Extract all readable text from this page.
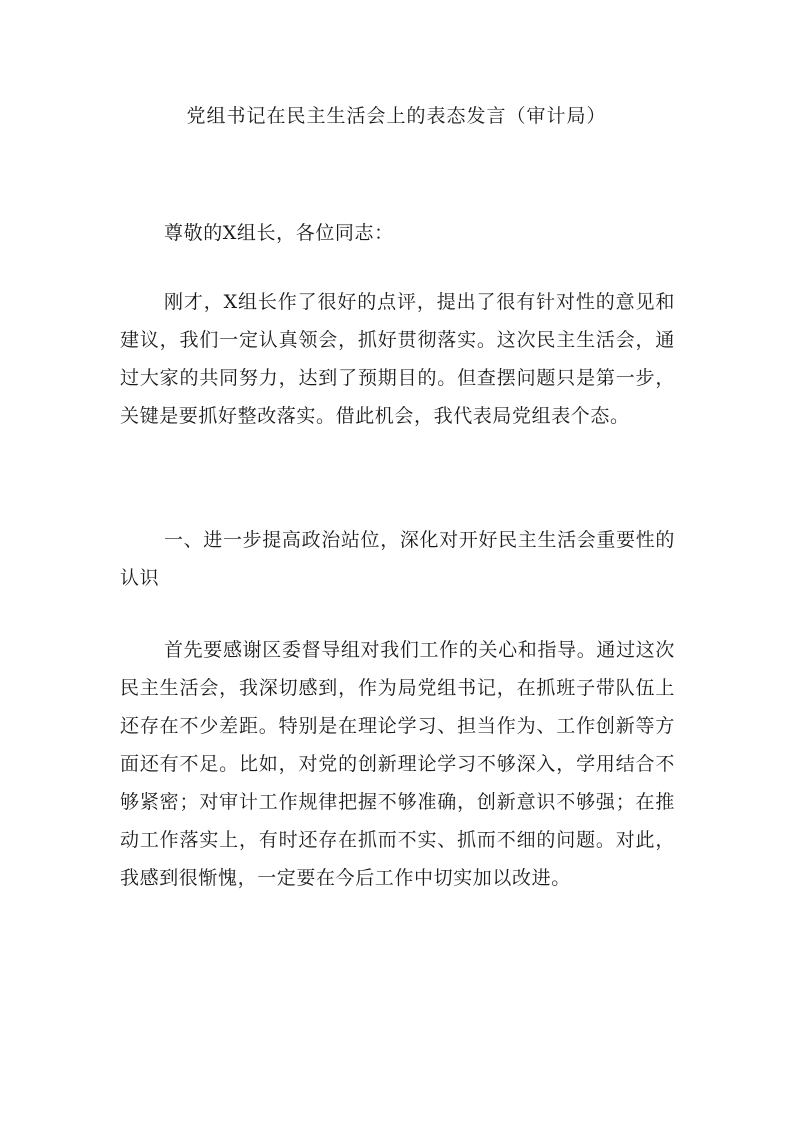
党组书记在民主生活会上的表态发言（审计局）

尊敬的X组长，各位同志：

刚才，X组长作了很好的点评，提出了很有针对性的意见和建议，我们一定认真领会，抓好贯彻落实。这次民主生活会，通过大家的共同努力，达到了预期目的。但查摆问题只是第一步，关键是要抓好整改落实。借此机会，我代表局党组表个态。

一、进一步提高政治站位，深化对开好民主生活会重要性的认识

首先要感谢区委督导组对我们工作的关心和指导。通过这次民主生活会，我深切感到，作为局党组书记，在抓班子带队伍上还存在不少差距。特别是在理论学习、担当作为、工作创新等方面还有不足。比如，对党的创新理论学习不够深入，学用结合不够紧密；对审计工作规律把握不够准确，创新意识不够强；在推动工作落实上，有时还存在抓而不实、抓而不细的问题。对此，我感到很惭愧，一定要在今后工作中切实加以改进。
